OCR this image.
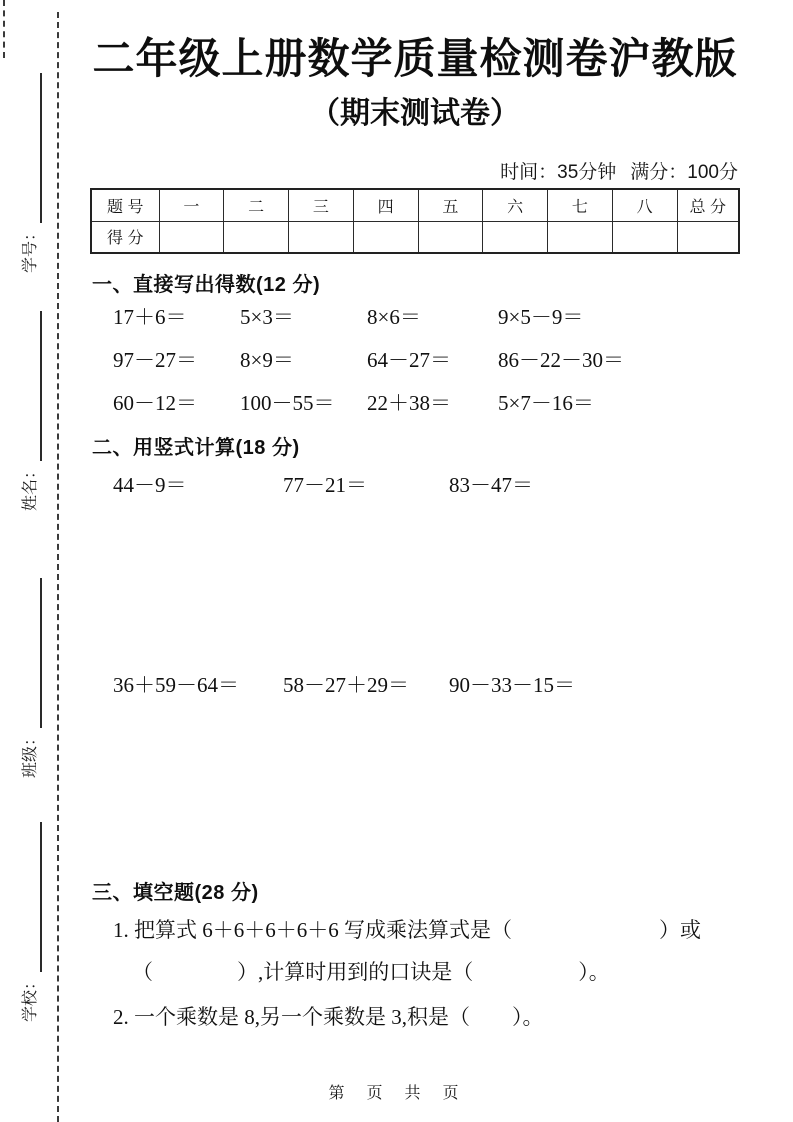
学号：
姓名：
班级：
学校：
二年级上册数学质量检测卷沪教版
（期末测试卷）
时间：35分钟 满分：100分
题 号	一	二	三	四	五	六	七	八	总 分
得 分									
一、直接写出得数(12 分)
17＋6＝	5×3＝	8×6＝	9×5－9＝
97－27＝	8×9＝	64－27＝	86－22－30＝
60－12＝	100－55＝	22＋38＝	5×7－16＝
二、用竖式计算(18 分)
44－9＝	77－21＝	83－47＝
36＋59－64＝	58－27＋29＝	90－33－15＝
三、填空题(28 分)
1. 把算式 6＋6＋6＋6＋6 写成乘法算式是（　　　　　　　）或
（　　　　）,计算时用到的口诀是（　　　　　）。
2. 一个乘数是 8,另一个乘数是 3,积是（　　）。
第　页　共　页
